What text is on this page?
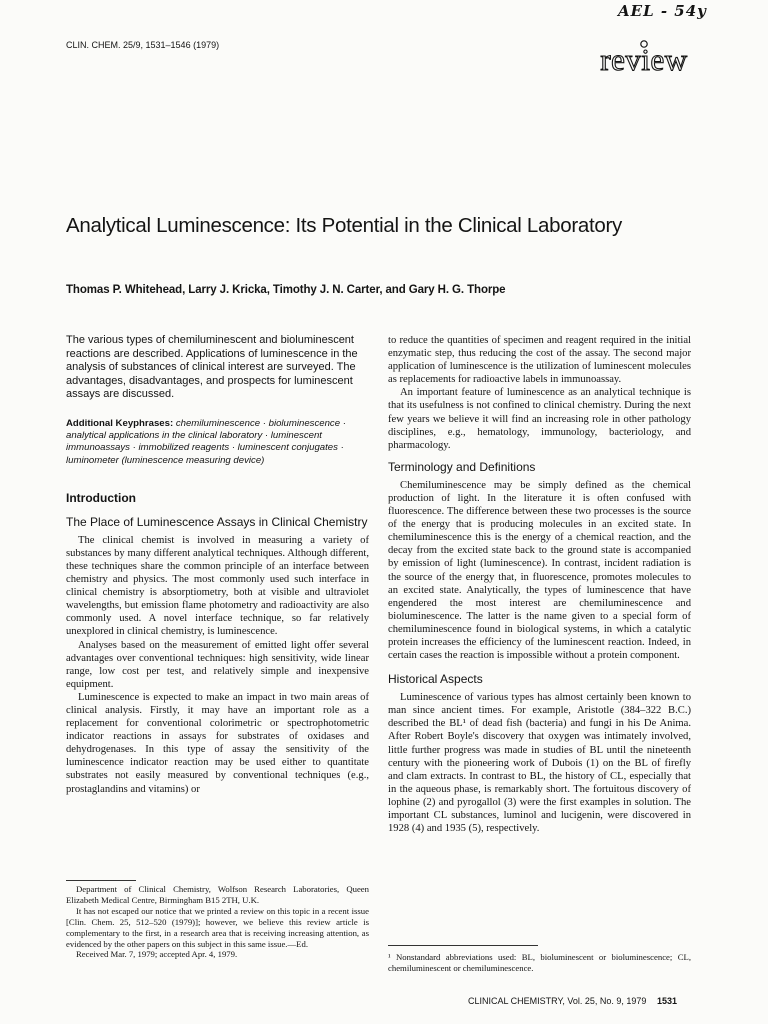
AEL - 54y
CLIN. CHEM. 25/9, 1531–1546 (1979)	review
Analytical Luminescence: Its Potential in the Clinical Laboratory
Thomas P. Whitehead, Larry J. Kricka, Timothy J. N. Carter, and Gary H. G. Thorpe

The various types of chemiluminescent and bioluminescent reactions are described. Applications of luminescence in the analysis of substances of clinical interest are surveyed. The advantages, disadvantages, and prospects for luminescent assays are discussed.

Additional Keyphrases: chemiluminescence · bioluminescence · analytical applications in the clinical laboratory · luminescent immunoassays · immobilized reagents · luminescent conjugates · luminometer (luminescence measuring device)

Introduction
The Place of Luminescence Assays in Clinical Chemistry

The clinical chemist is involved in measuring a variety of substances by many different analytical techniques. Although different, these techniques share the common principle of an interface between chemistry and physics. The most commonly used such interface in clinical chemistry is absorptiometry, both at visible and ultraviolet wavelengths, but emission flame photometry and radioactivity are also commonly used. A novel interface technique, so far relatively unexplored in clinical chemistry, is luminescence.

Analyses based on the measurement of emitted light offer several advantages over conventional techniques: high sensitivity, wide linear range, low cost per test, and relatively simple and inexpensive equipment.

Luminescence is expected to make an impact in two main areas of clinical analysis. Firstly, it may have an important role as a replacement for conventional colorimetric or spectrophotometric indicator reactions in assays for substrates of oxidases and dehydrogenases. In this type of assay the sensitivity of the luminescence indicator reaction may be used either to quantitate substrates not easily measured by conventional techniques (e.g., prostaglandins and vitamins) or

to reduce the quantities of specimen and reagent required in the initial enzymatic step, thus reducing the cost of the assay. The second major application of luminescence is the utilization of luminescent molecules as replacements for radioactive labels in immunoassay.

An important feature of luminescence as an analytical technique is that its usefulness is not confined to clinical chemistry. During the next few years we believe it will find an increasing role in other pathology disciplines, e.g., hematology, immunology, bacteriology, and pharmacology.

Terminology and Definitions

Chemiluminescence may be simply defined as the chemical production of light. In the literature it is often confused with fluorescence. The difference between these two processes is the source of the energy that is producing molecules in an excited state. In chemiluminescence this is the energy of a chemical reaction, and the decay from the excited state back to the ground state is accompanied by emission of light (luminescence). In contrast, incident radiation is the source of the energy that, in fluorescence, promotes molecules to an excited state. Analytically, the types of luminescence that have engendered the most interest are chemiluminescence and bioluminescence. The latter is the name given to a special form of chemiluminescence found in biological systems, in which a catalytic protein increases the efficiency of the luminescent reaction. Indeed, in certain cases the reaction is impossible without a protein component.

Historical Aspects

Luminescence of various types has almost certainly been known to man since ancient times. For example, Aristotle (384–322 B.C.) described the BL¹ of dead fish (bacteria) and fungi in his De Anima. After Robert Boyle's discovery that oxygen was intimately involved, little further progress was made in studies of BL until the nineteenth century with the pioneering work of Dubois (1) on the BL of firefly and clam extracts. In contrast to BL, the history of CL, especially that in the aqueous phase, is remarkably short. The fortuitous discovery of lophine (2) and pyrogallol (3) were the first examples in solution. The important CL substances, luminol and lucigenin, were discovered in 1928 (4) and 1935 (5), respectively.

Department of Clinical Chemistry, Wolfson Research Laboratories, Queen Elizabeth Medical Centre, Birmingham B15 2TH, U.K.

It has not escaped our notice that we printed a review on this topic in a recent issue [Clin. Chem. 25, 512–520 (1979)]; however, we believe this review article is complementary to the first, in a research area that is receiving increasing attention, as evidenced by the other papers on this subject in this same issue.—Ed.

Received Mar. 7, 1979; accepted Apr. 4, 1979.	¹ Nonstandard abbreviations used: BL, bioluminescent or bioluminescence; CL, chemiluminescent or chemiluminescence.
CLINICAL CHEMISTRY, Vol. 25, No. 9, 1979 1531
